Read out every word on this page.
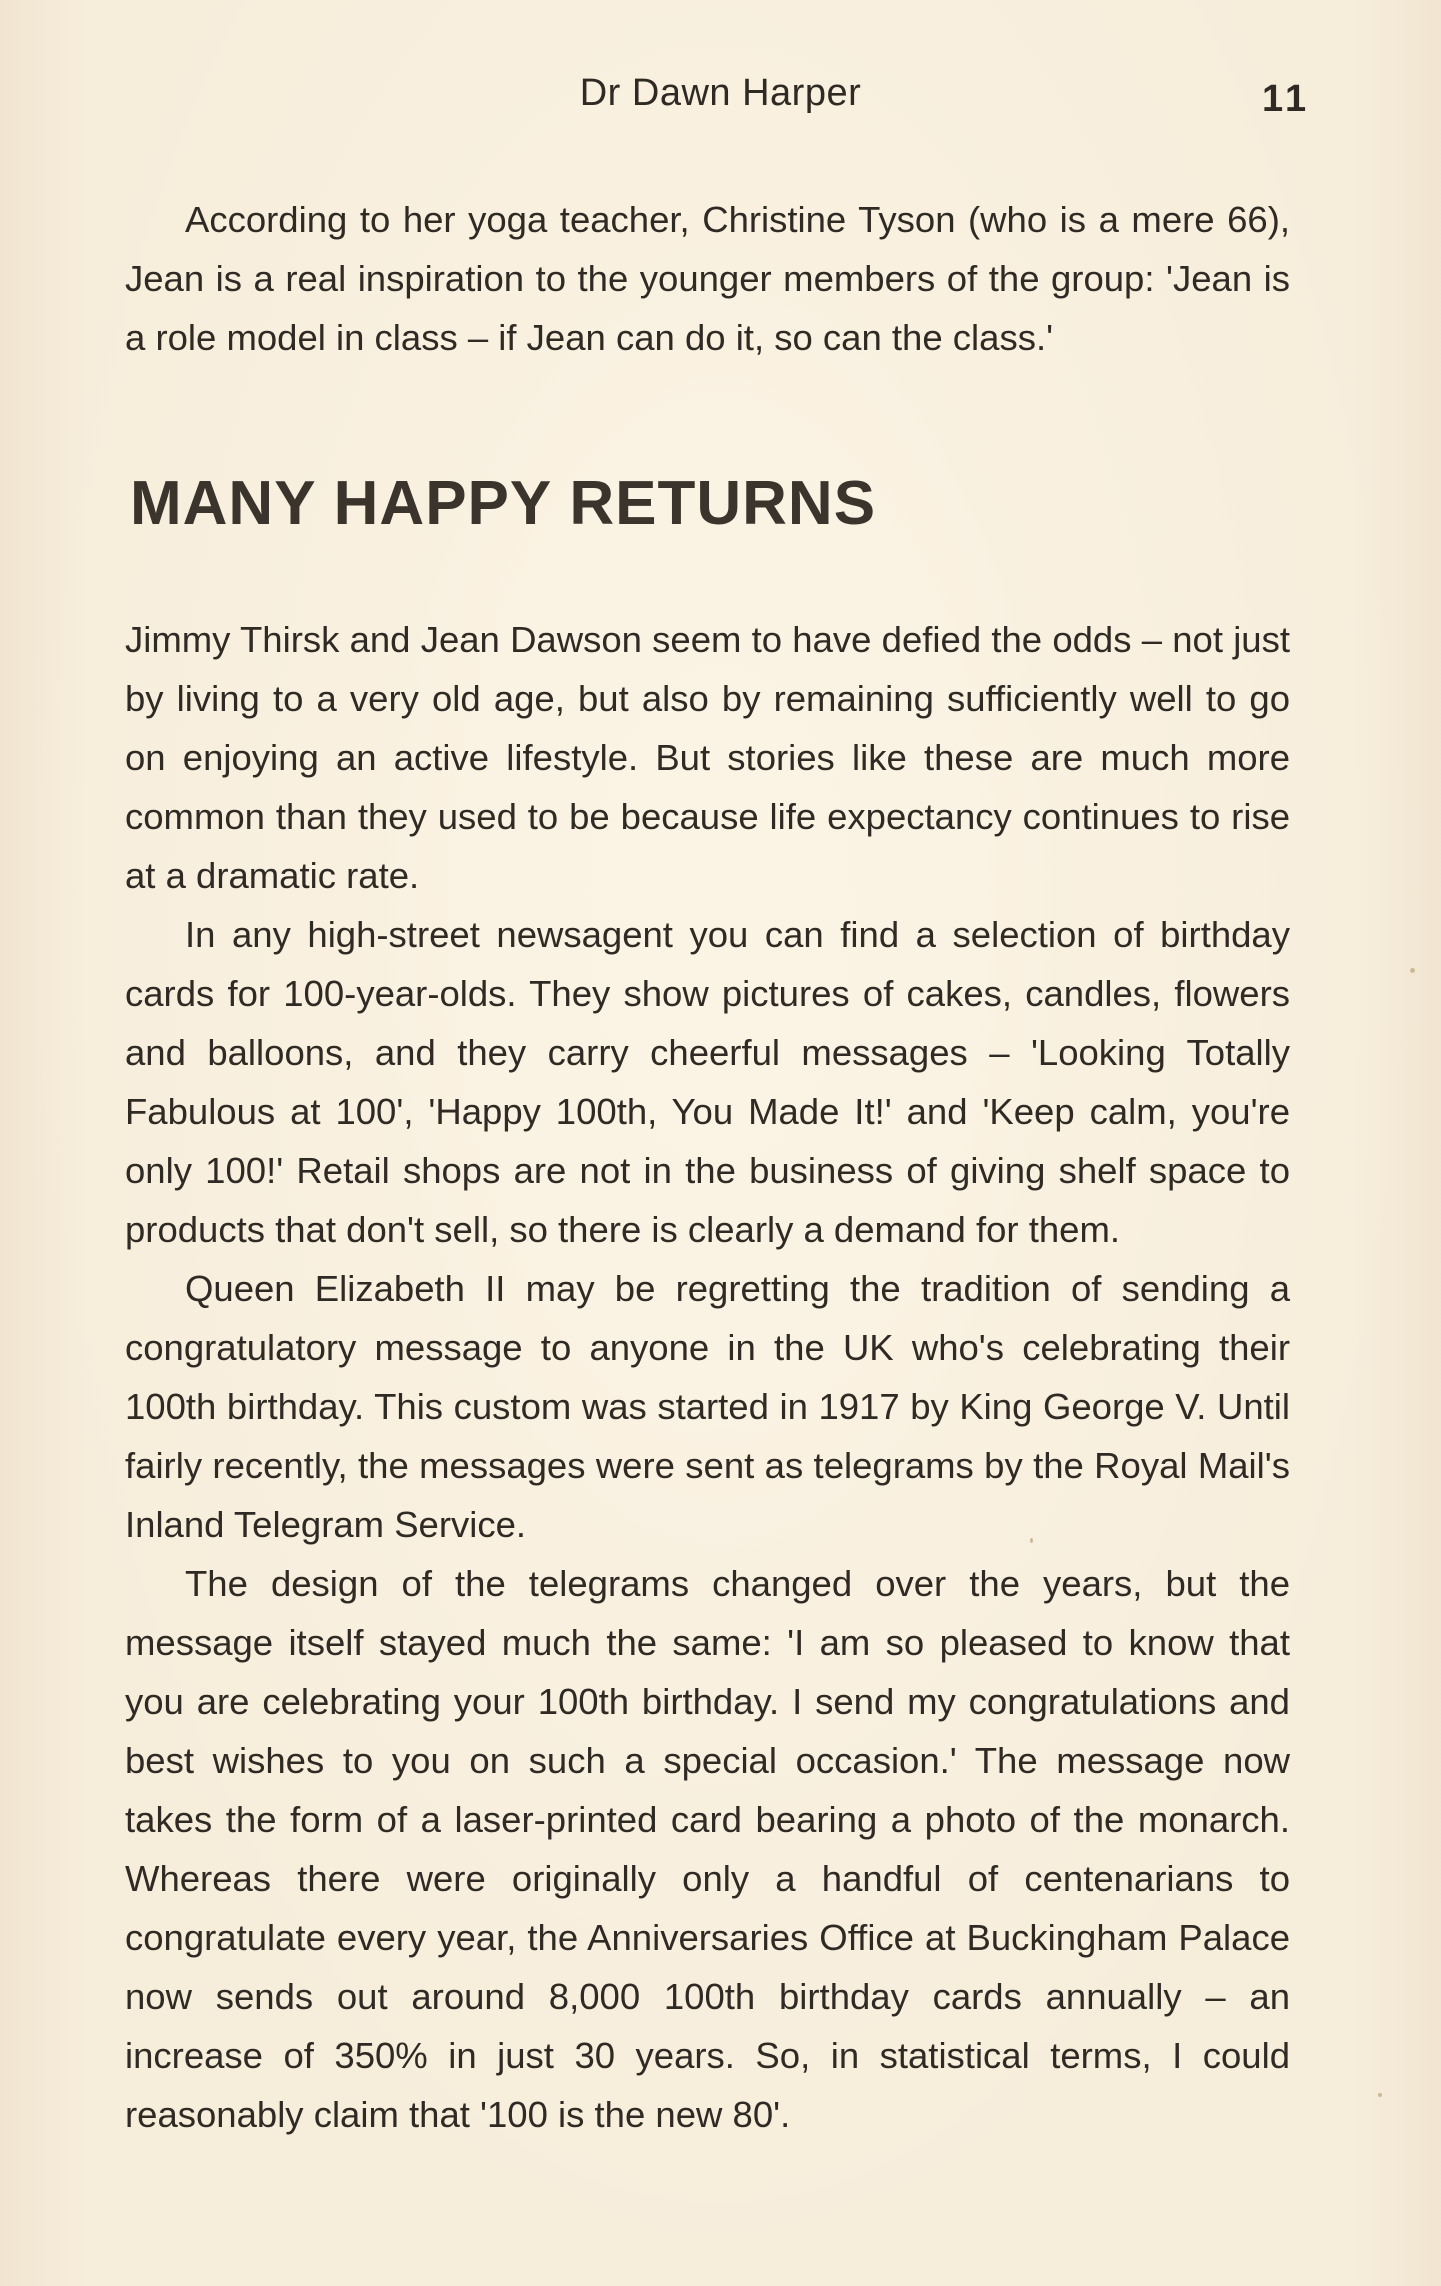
Dr Dawn Harper	11

According to her yoga teacher, Christine Tyson (who is a mere 66), Jean is a real inspiration to the younger members of the group: 'Jean is a role model in class – if Jean can do it, so can the class.'

MANY HAPPY RETURNS

Jimmy Thirsk and Jean Dawson seem to have defied the odds – not just by living to a very old age, but also by remaining sufficiently well to go on enjoying an active lifestyle. But stories like these are much more common than they used to be because life expectancy continues to rise at a dramatic rate.

In any high-street newsagent you can find a selection of birthday cards for 100-year-olds. They show pictures of cakes, candles, flowers and balloons, and they carry cheerful messages – 'Looking Totally Fabulous at 100', 'Happy 100th, You Made It!' and 'Keep calm, you're only 100!' Retail shops are not in the business of giving shelf space to products that don't sell, so there is clearly a demand for them.

Queen Elizabeth II may be regretting the tradition of sending a congratulatory message to anyone in the UK who's celebrating their 100th birthday. This custom was started in 1917 by King George V. Until fairly recently, the messages were sent as telegrams by the Royal Mail's Inland Telegram Service.

The design of the telegrams changed over the years, but the message itself stayed much the same: 'I am so pleased to know that you are celebrating your 100th birthday. I send my congratulations and best wishes to you on such a special occasion.' The message now takes the form of a laser-printed card bearing a photo of the monarch. Whereas there were originally only a handful of centenarians to congratulate every year, the Anniversaries Office at Buckingham Palace now sends out around 8,000 100th birthday cards annually – an increase of 350% in just 30 years. So, in statistical terms, I could reasonably claim that '100 is the new 80'.
